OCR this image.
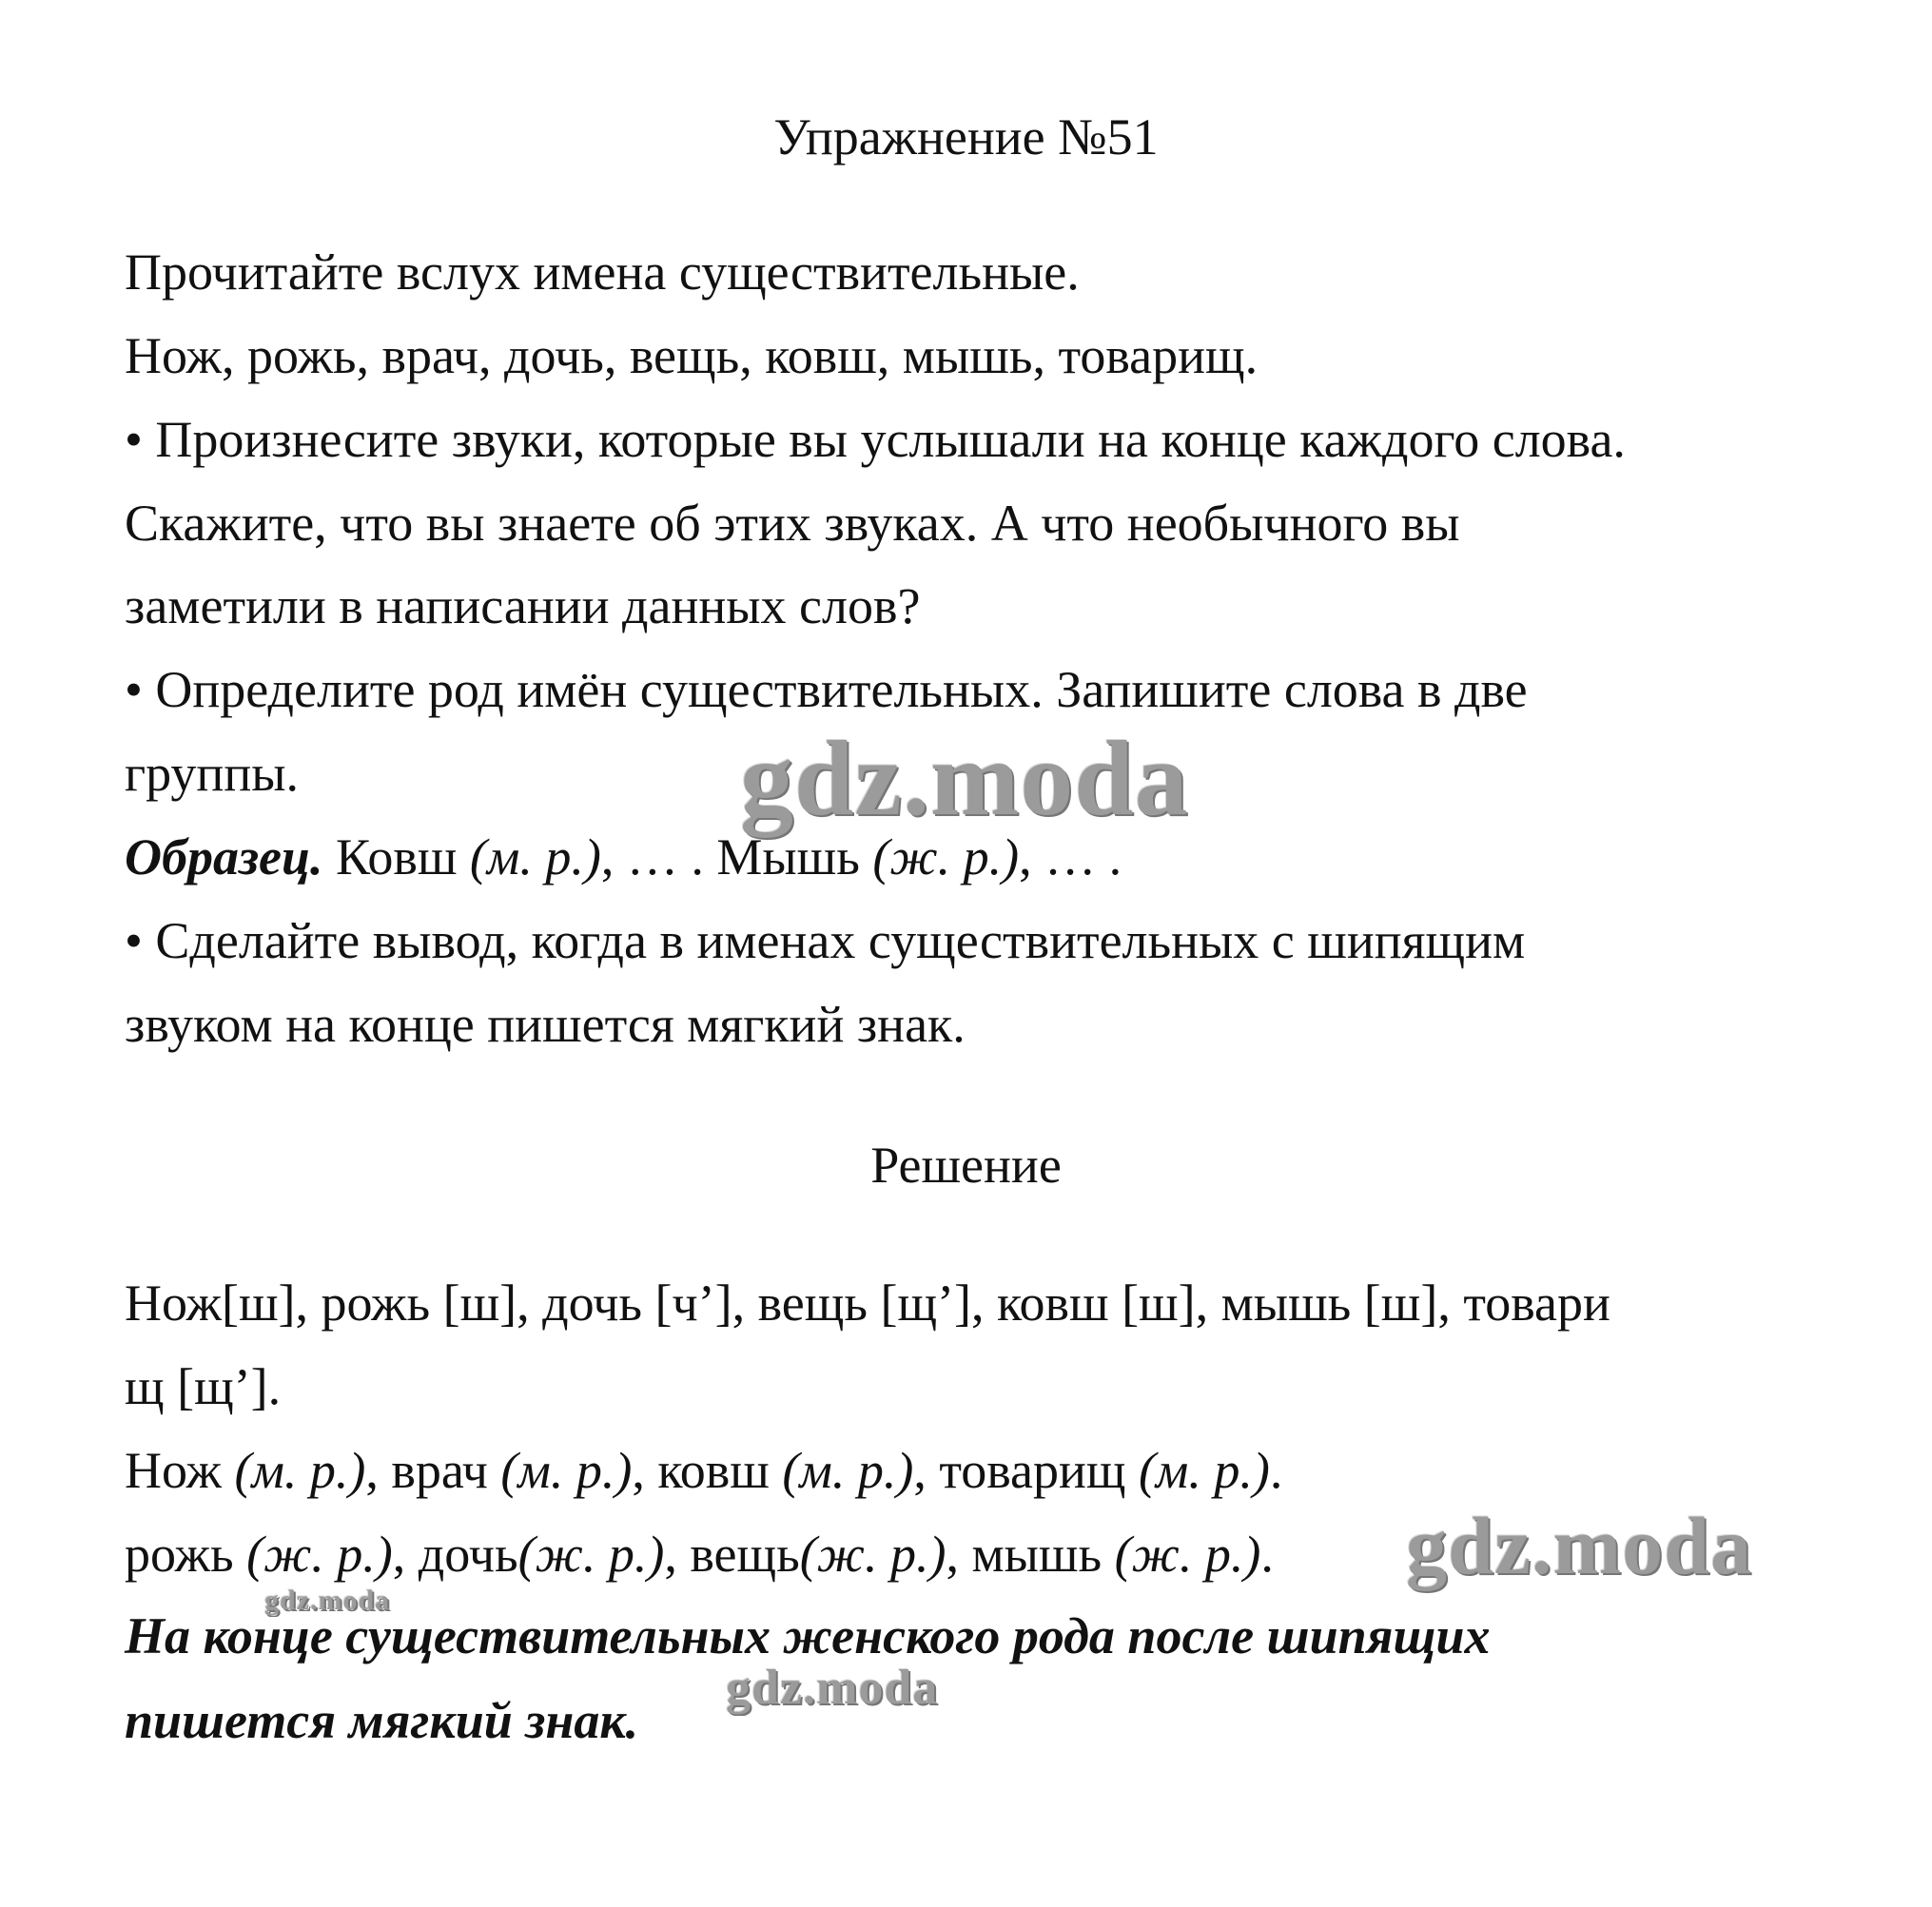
Упражнение №51
Прочитайте вслух имена существительные.
Нож, рожь, врач, дочь, вещь, ковш, мышь, товарищ.
• Произнесите звуки, которые вы услышали на конце каждого слова.
Скажите, что вы знаете об этих звуках. А что необычного вы
заметили в написании данных слов?
• Определите род имён существительных. Запишите слова в две
группы.
Образец. Ковш (м. р.), … . Мышь (ж. р.), … .
• Сделайте вывод, когда в именах существительных с шипящим
звуком на конце пишется мягкий знак.
Решение
Нож[ш], рожь [ш], дочь [ч’], вещь [щ’], ковш [ш], мышь [ш], товари
щ [щ’].
Нож (м. р.), врач (м. р.), ковш (м. р.), товарищ (м. р.).
рожь (ж. р.), дочь(ж. р.), вещь(ж. р.), мышь (ж. р.).
На конце существительных женского рода после шипящих
пишется мягкий знак.
gdz.moda
gdz.moda
gdz.moda
gdz.moda
